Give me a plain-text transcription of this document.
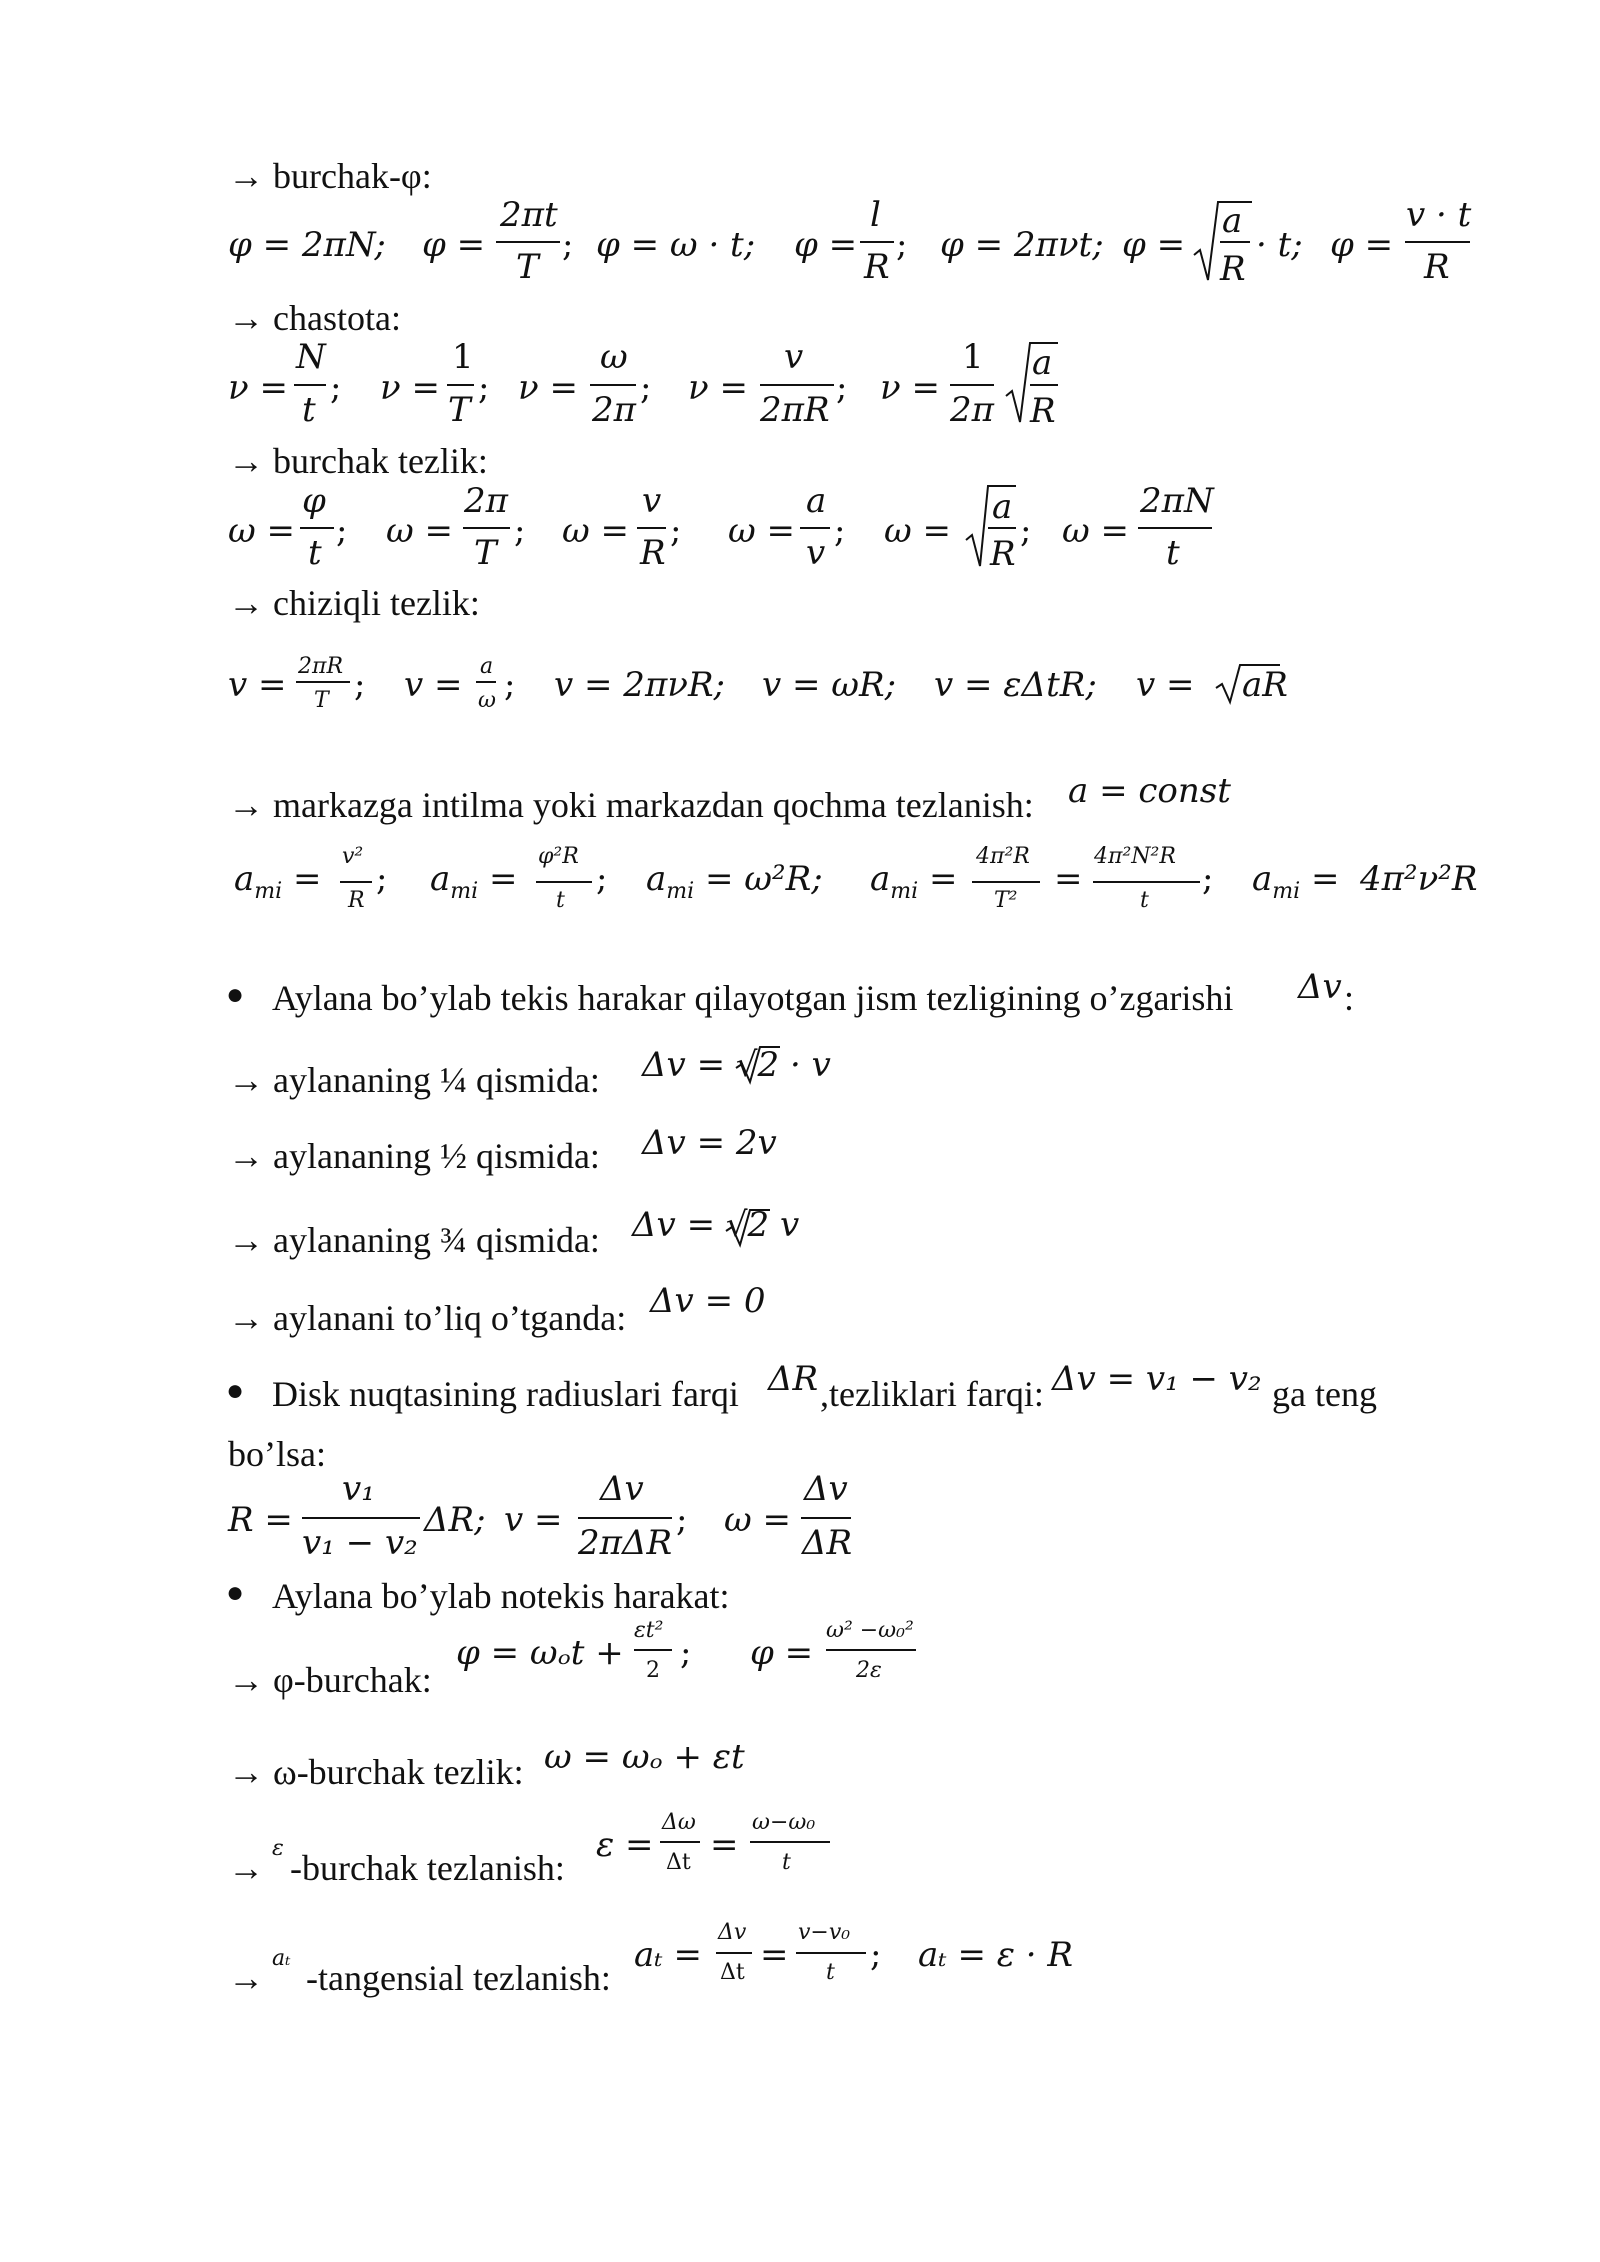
→ burchak-φ:
φ = 2πN; φ =
2πt
T
; φ = ω · t; φ =
l
R
; φ = 2πνt; φ =
a
R
· t; φ =
v · t
R
→ chastota:
ν =
N
t
; ν =
1
T
; ν =
ω
2π
; ν =
v
2πR
; ν =
1
2π
a
R
→ burchak tezlik:
ω =
φ
t
; ω =
2π
T
; ω =
v
R
; ω =
a
v
; ω =
a
R
; ω =
2πN
t
→ chiziqli tezlik:
v = 2πR
T ; v = a
ω ; v = 2πνR; v = ωR; v = εΔtR; v = aR
→ markazga intilma yoki markazdan qochma tezlanish: a = const
$a_{mi}$ =
v²
R
; $a_{mi}$ =
φ²R
t
; $a_{mi} = \omega^2R$; $a_{mi}$ =
4π²R
T²
=
4π²N²R
t
; $a_{mi} = 4\pi^2\nu^2R$
● Aylana bo’ylab tekis harakar qilayotgan jism tezligining o’zgarishi Δv :
→ aylananing ¼ qismida: Δv = √2 · v
→ aylananing ½ qismida: Δv = 2v
→ aylananing ¾ qismida: Δv = √2 v
→ aylanani to’liq o’tganda: Δv = 0
● Disk nuqtasining radiuslari farqi ΔR ,tezliklari farqi: Δv = v₁ − v₂ ga teng
bo’lsa:
R =
v₁
v₁ − v₂
ΔR; v =
Δv
2πΔR
; ω =
Δv
ΔR
● Aylana bo’ylab notekis harakat:
→ φ-burchak:
φ = ωₒt +
εt²
2 ; φ =
ω² −ω₀²
2ε
→ ω-burchak tezlik: ω = ωₒ + εt
→ ε -burchak tezlanish:
ε =
Δω
Δt =
ω−ω₀
t
→ aₜ -tangensial tezlanish:
aₜ =
Δv
Δt =
v−v₀
t ; aₜ = ε · R
